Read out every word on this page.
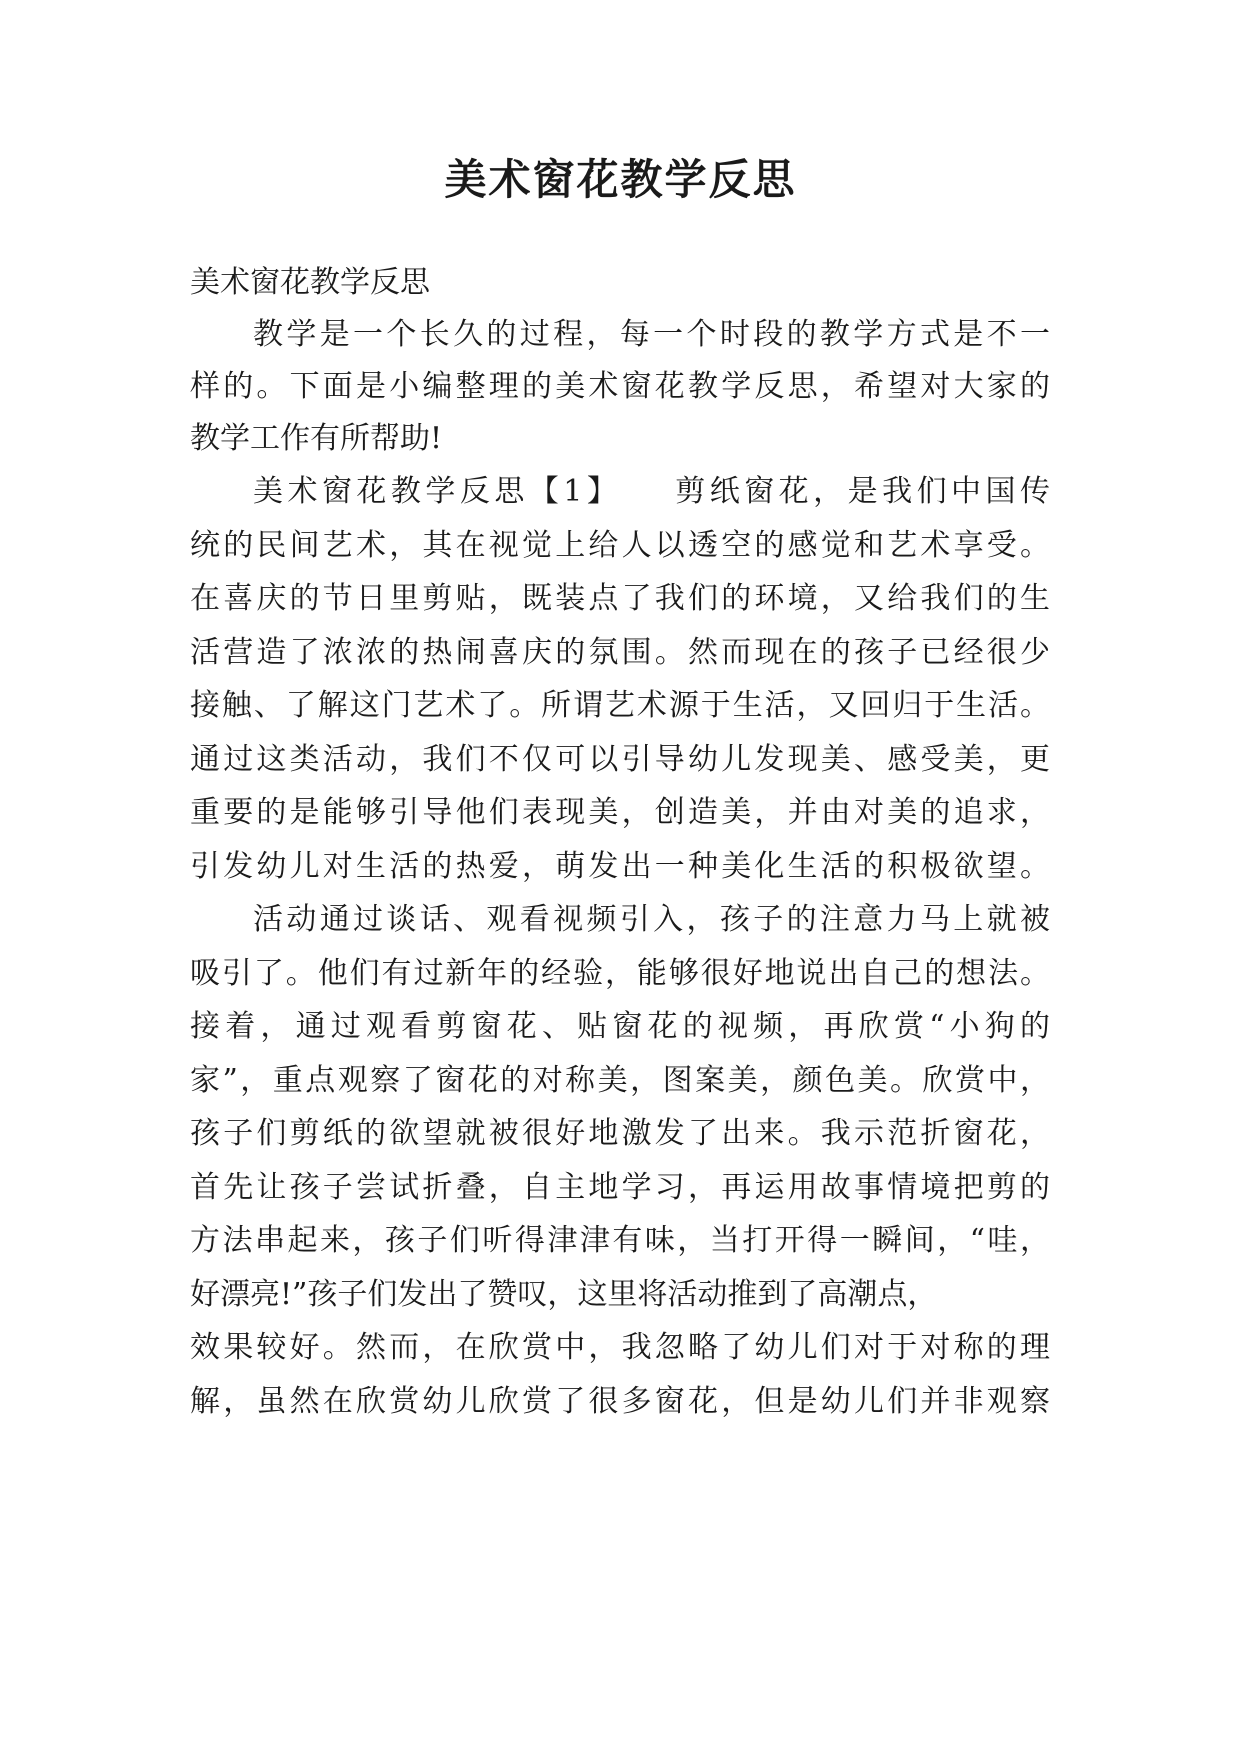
美术窗花教学反思

美术窗花教学反思

教学是一个长久的过程，每一个时段的教学方式是不一

样的。下面是小编整理的美术窗花教学反思，希望对大家的

教学工作有所帮助!

美术窗花教学反思【1】　　剪纸窗花，是我们中国传

统的民间艺术，其在视觉上给人以透空的感觉和艺术享受。

在喜庆的节日里剪贴，既装点了我们的环境，又给我们的生

活营造了浓浓的热闹喜庆的氛围。然而现在的孩子已经很少

接触、了解这门艺术了。所谓艺术源于生活，又回归于生活。

通过这类活动，我们不仅可以引导幼儿发现美、感受美，更

重要的是能够引导他们表现美，创造美，并由对美的追求，

引发幼儿对生活的热爱，萌发出一种美化生活的积极欲望。

活动通过谈话、观看视频引入，孩子的注意力马上就被

吸引了。他们有过新年的经验，能够很好地说出自己的想法。

接着，通过观看剪窗花、贴窗花的视频，再欣赏“小狗的

家”，重点观察了窗花的对称美，图案美，颜色美。欣赏中，

孩子们剪纸的欲望就被很好地激发了出来。我示范折窗花，

首先让孩子尝试折叠，自主地学习，再运用故事情境把剪的

方法串起来，孩子们听得津津有味，当打开得一瞬间，“哇，

好漂亮!”孩子们发出了赞叹，这里将活动推到了高潮点，

效果较好。然而，在欣赏中，我忽略了幼儿们对于对称的理

解，虽然在欣赏幼儿欣赏了很多窗花，但是幼儿们并非观察
